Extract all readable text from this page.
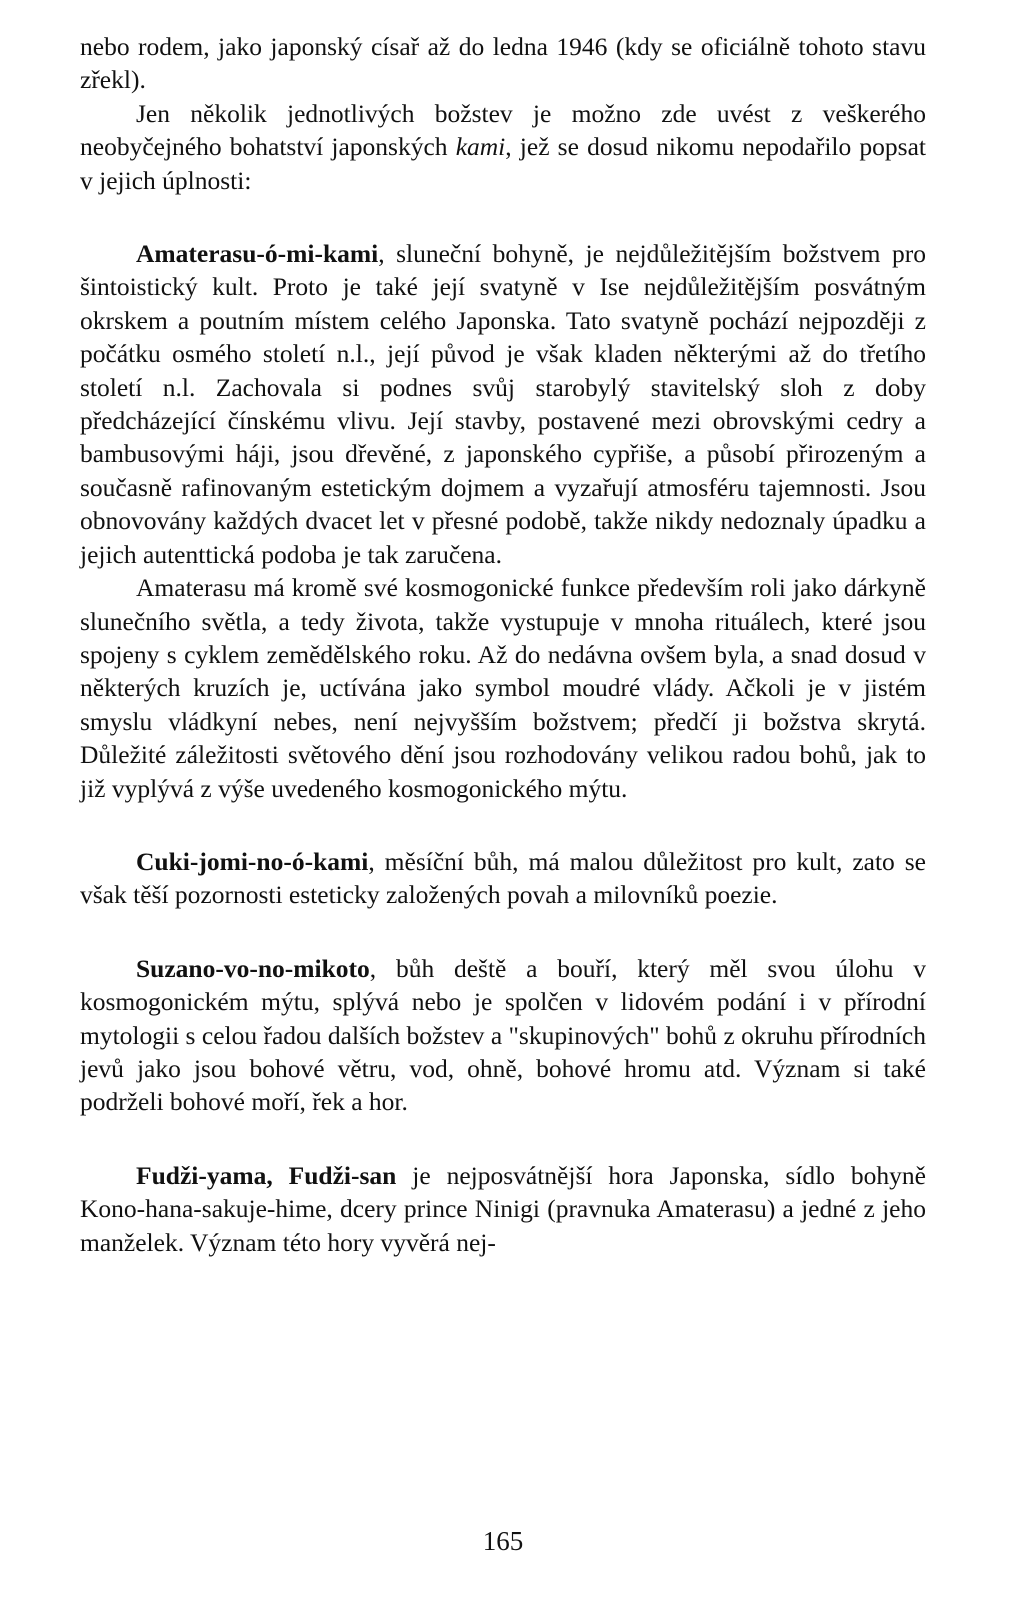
nebo rodem, jako japonský císař až do ledna 1946 (kdy se oficiálně tohoto stavu zřekl).

Jen několik jednotlivých božstev je možno zde uvést z veškerého neobyčejného bohatství japonských kami, jež se dosud nikomu nepodařilo popsat v jejich úplnosti:

Amaterasu-ó-mi-kami, sluneční bohyně, je nejdůležitějším božstvem pro šintoistický kult. Proto je také její svatyně v Ise nejdůležitějším posvátným okrskem a poutním místem celého Japonska. Tato svatyně pochází nejpozději z počátku osmého století n.l., její původ je však kladen některými až do třetího století n.l. Zachovala si podnes svůj starobylý stavitelský sloh z doby předcházející čínskému vlivu. Její stavby, postavené mezi obrovskými cedry a bambusovými háji, jsou dřevěné, z japonského cypřiše, a působí přirozeným a současně rafinovaným estetickým dojmem a vyzařují atmosféru tajemnosti. Jsou obnovovány každých dvacet let v přesné podobě, takže nikdy nedoznaly úpadku a jejich autenttická podoba je tak zaručena.

Amaterasu má kromě své kosmogonické funkce především roli jako dárkyně slunečního světla, a tedy života, takže vystupuje v mnoha rituálech, které jsou spojeny s cyklem zemědělského roku. Až do nedávna ovšem byla, a snad dosud v některých kruzích je, uctívána jako symbol moudré vlády. Ačkoli je v jistém smyslu vládkyní nebes, není nejvyšším božstvem; předčí ji božstva skrytá. Důležité záležitosti světového dění jsou rozhodovány velikou radou bohů, jak to již vyplývá z výše uvedeného kosmogonického mýtu.

Cuki-jomi-no-ó-kami, měsíční bůh, má malou důležitost pro kult, zato se však těší pozornosti esteticky založených povah a milovníků poezie.

Suzano-vo-no-mikoto, bůh deště a bouří, který měl svou úlohu v kosmogonickém mýtu, splývá nebo je spolčen v lidovém podání i v přírodní mytologii s celou řadou dalších božstev a "skupinových" bohů z okruhu přírodních jevů jako jsou bohové větru, vod, ohně, bohové hromu atd. Význam si také podrželi bohové moří, řek a hor.

Fudži-yama, Fudži-san je nejposvátnější hora Japonska, sídlo bohyně Kono-hana-sakuje-hime, dcery prince Ninigi (pravnuka Amaterasu) a jedné z jeho manželek. Význam této hory vyvěrá nej-

165
